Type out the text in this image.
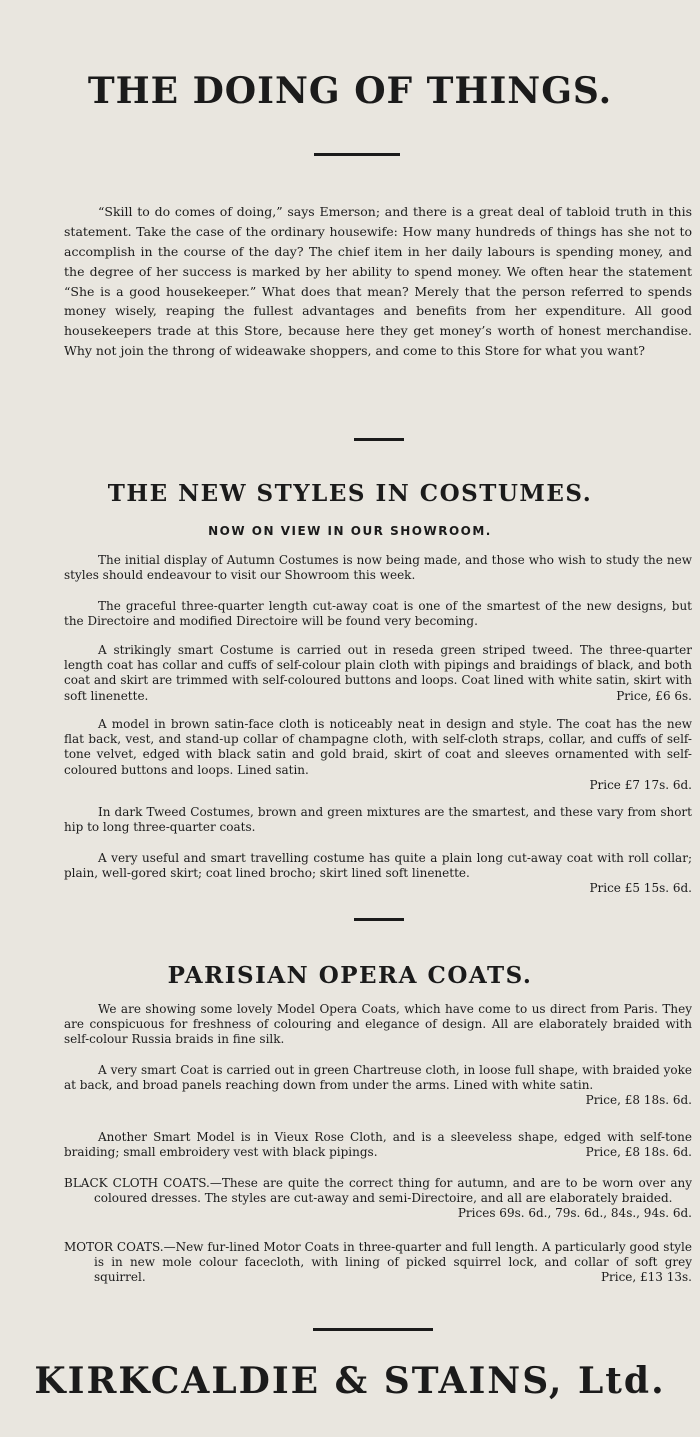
THE DOING OF THINGS.

“Skill to do comes of doing,” says Emerson; and there is a great deal of tabloid truth in this statement. Take the case of the ordinary housewife: How many hundreds of things has she not to accomplish in the course of the day? The chief item in her daily labours is spending money, and the degree of her success is marked by her ability to spend money. We often hear the statement “She is a good housekeeper.” What does that mean? Merely that the person referred to spends money wisely, reaping the fullest advantages and benefits from her expenditure. All good housekeepers trade at this Store, because here they get money’s worth of honest merchandise. Why not join the throng of wideawake shoppers, and come to this Store for what you want?

THE NEW STYLES IN COSTUMES.
NOW ON VIEW IN OUR SHOWROOM.

The initial display of Autumn Costumes is now being made, and those who wish to study the new styles should endeavour to visit our Showroom this week.

The graceful three-quarter length cut-away coat is one of the smartest of the new designs, but the Directoire and modified Directoire will be found very becoming.

A strikingly smart Costume is carried out in reseda green striped tweed. The three-quarter length coat has collar and cuffs of self-colour plain cloth with pipings and braidings of black, and both coat and skirt are trimmed with self-coloured buttons and loops. Coat lined with white satin, skirt with soft linenette.	Price, £6 6s.

A model in brown satin-face cloth is noticeably neat in design and style. The coat has the new flat back, vest, and stand-up collar of champagne cloth, with self-cloth straps, collar, and cuffs of self-tone velvet, edged with black satin and gold braid, skirt of coat and sleeves ornamented with self-coloured buttons and loops. Lined satin.
Price £7 17s. 6d.

In dark Tweed Costumes, brown and green mixtures are the smartest, and these vary from short hip to long three-quarter coats.

A very useful and smart travelling costume has quite a plain long cut-away coat with roll collar; plain, well-gored skirt; coat lined brocho; skirt lined soft linenette.
Price £5 15s. 6d.

PARISIAN OPERA COATS.

We are showing some lovely Model Opera Coats, which have come to us direct from Paris. They are conspicuous for freshness of colouring and elegance of design. All are elaborately braided with self-colour Russia braids in fine silk.

A very smart Coat is carried out in green Chartreuse cloth, in loose full shape, with braided yoke at back, and broad panels reaching down from under the arms. Lined with white satin.
Price, £8 18s. 6d.

Another Smart Model is in Vieux Rose Cloth, and is a sleeveless shape, edged with self-tone braiding; small embroidery vest with black pipings.	Price, £8 18s. 6d.

BLACK CLOTH COATS.—These are quite the correct thing for autumn, and are to be worn over any coloured dresses. The styles are cut-away and semi-Directoire, and all are elaborately braided.
Prices 69s. 6d., 79s. 6d., 84s., 94s. 6d.

MOTOR COATS.—New fur-lined Motor Coats in three-quarter and full length. A particularly good style is in new mole colour facecloth, with lining of picked squirrel lock, and collar of soft grey squirrel.	Price, £13 13s.

KIRKCALDIE & STAINS, Ltd.
